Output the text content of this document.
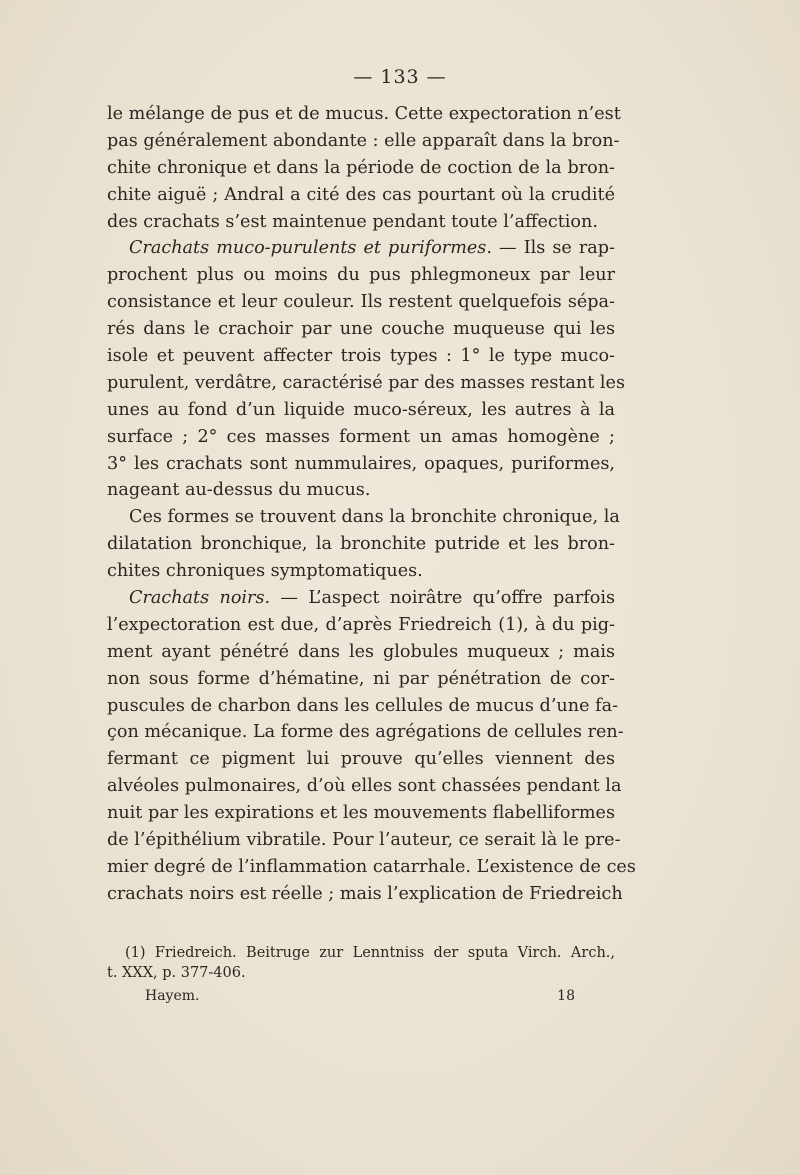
— 133 —
le mélange de pus et de mucus. Cette expectoration n’est
pas généralement abondante : elle apparaît dans la bron-
chite chronique et dans la période de coction de la bron-
chite aiguë ; Andral a cité des cas pourtant où la crudité
des crachats s’est maintenue pendant toute l’affection.
Crachats muco-purulents et puriformes. — Ils se rap-
prochent plus ou moins du pus phlegmoneux par leur
consistance et leur couleur. Ils restent quelquefois sépa-
rés dans le crachoir par une couche muqueuse qui les
isole et peuvent affecter trois types : 1° le type muco-
purulent, verdâtre, caractérisé par des masses restant les
unes au fond d’un liquide muco-séreux, les autres à la
surface ; 2° ces masses forment un amas homogène ;
3° les crachats sont nummulaires, opaques, puriformes,
nageant au-dessus du mucus.
Ces formes se trouvent dans la bronchite chronique, la
dilatation bronchique, la bronchite putride et les bron-
chites chroniques symptomatiques.
Crachats noirs. — L’aspect noirâtre qu’offre parfois
l’expectoration est due, d’après Friedreich (1), à du pig-
ment ayant pénétré dans les globules muqueux ; mais
non sous forme d’hématine, ni par pénétration de cor-
puscules de charbon dans les cellules de mucus d’une fa-
çon mécanique. La forme des agrégations de cellules ren-
fermant ce pigment lui prouve qu’elles viennent des
alvéoles pulmonaires, d’où elles sont chassées pendant la
nuit par les expirations et les mouvements flabelliformes
de l’épithélium vibratile. Pour l’auteur, ce serait là le pre-
mier degré de l’inflammation catarrhale. L’existence de ces
crachats noirs est réelle ; mais l’explication de Friedreich
(1) Friedreich. Beitruge zur Lenntniss der sputa Virch. Arch.,
t. XXX, p. 377-406.
Hayem.	18
